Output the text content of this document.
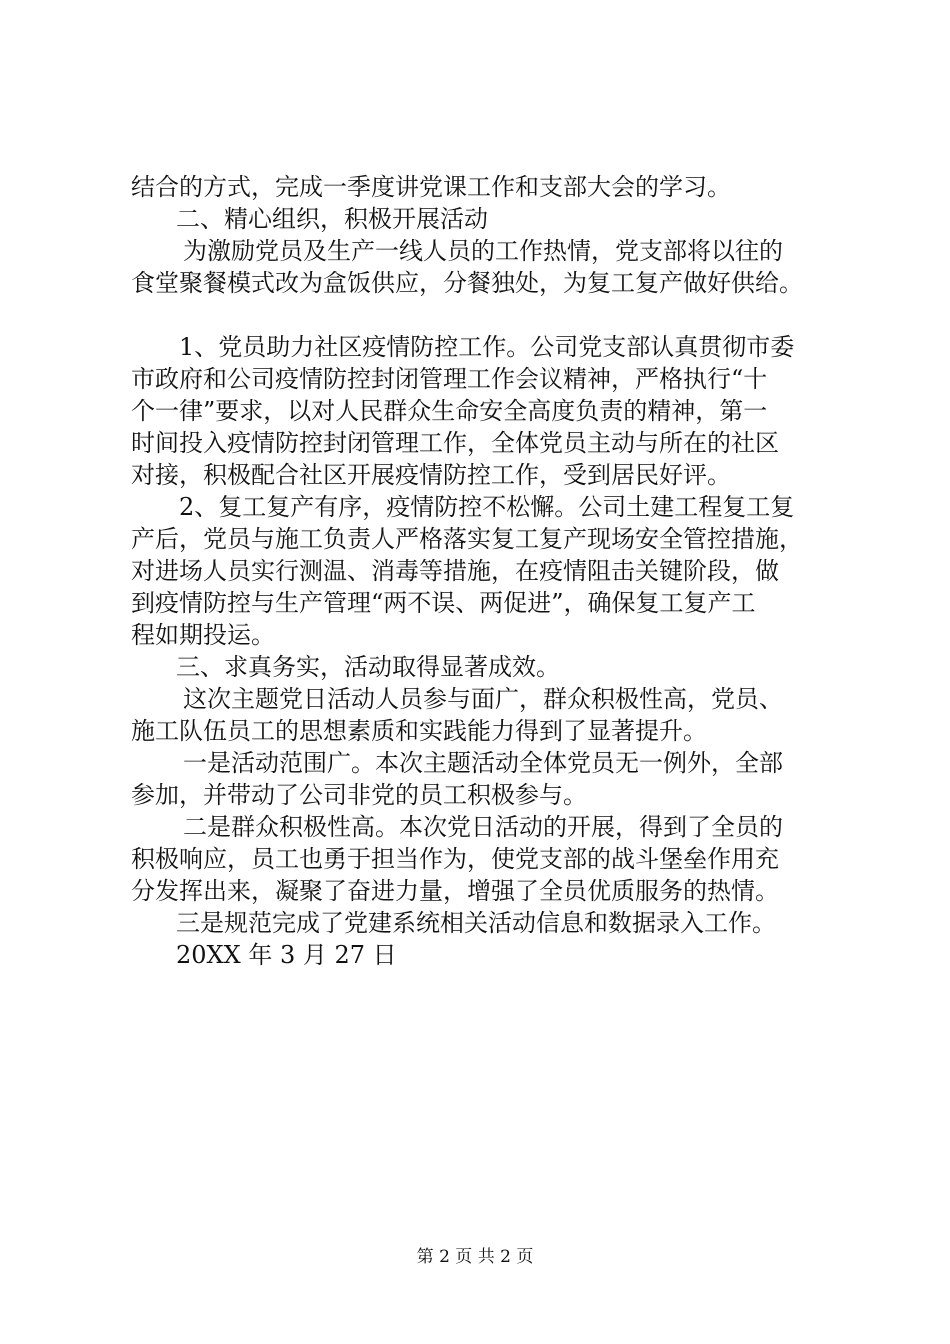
结合的方式，完成一季度讲党课工作和支部大会的学习。

二、精心组织，积极开展活动

为激励党员及生产一线人员的工作热情，党支部将以往的

食堂聚餐模式改为盒饭供应，分餐独处，为复工复产做好供给。

1、党员助力社区疫情防控工作。公司党支部认真贯彻市委

市政府和公司疫情防控封闭管理工作会议精神，严格执行“十

个一律”要求，以对人民群众生命安全高度负责的精神，第一

时间投入疫情防控封闭管理工作，全体党员主动与所在的社区

对接，积极配合社区开展疫情防控工作，受到居民好评。

2、复工复产有序，疫情防控不松懈。公司土建工程复工复

产后，党员与施工负责人严格落实复工复产现场安全管控措施，

对进场人员实行测温、消毒等措施，在疫情阻击关键阶段，做

到疫情防控与生产管理“两不误、两促进”，确保复工复产工

程如期投运。

三、求真务实，活动取得显著成效。

这次主题党日活动人员参与面广，群众积极性高，党员、

施工队伍员工的思想素质和实践能力得到了显著提升。

一是活动范围广。本次主题活动全体党员无一例外，全部

参加，并带动了公司非党的员工积极参与。

二是群众积极性高。本次党日活动的开展，得到了全员的

积极响应，员工也勇于担当作为，使党支部的战斗堡垒作用充

分发挥出来，凝聚了奋进力量，增强了全员优质服务的热情。

三是规范完成了党建系统相关活动信息和数据录入工作。

20XX 年 3 月 27 日

第 2 页 共 2 页
